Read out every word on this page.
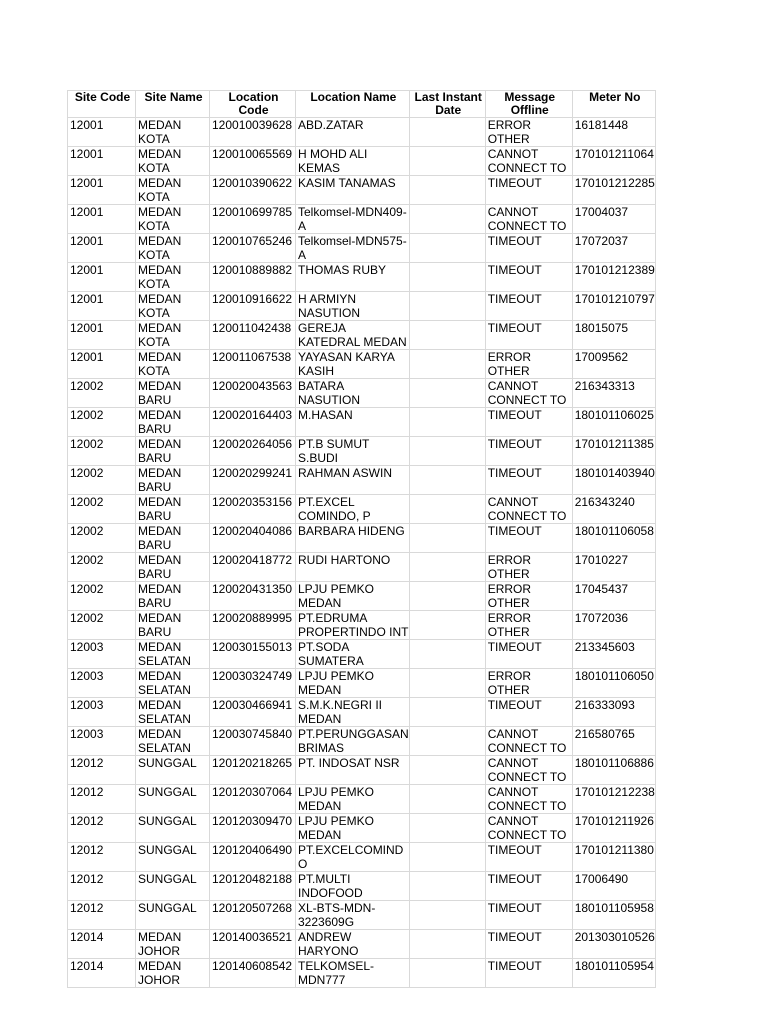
Site Code	Site Name	Location Code	Location Name	Last Instant Date	Message Offline	Meter No

12001	MEDAN KOTA	120010039628	ABD.ZATAR		ERROR OTHER	16181448

12001	MEDAN KOTA	120010065569	H MOHD ALI KEMAS		CANNOT CONNECT TO	170101211064

12001	MEDAN KOTA	120010390622	KASIM TANAMAS		TIMEOUT	170101212285

12001	MEDAN KOTA	120010699785	Telkomsel-MDN409-A		CANNOT CONNECT TO	17004037

12001	MEDAN KOTA	120010765246	Telkomsel-MDN575-A		TIMEOUT	17072037

12001	MEDAN KOTA	120010889882	THOMAS RUBY		TIMEOUT	170101212389

12001	MEDAN KOTA	120010916622	H ARMIYN NASUTION		TIMEOUT	170101210797

12001	MEDAN KOTA	120011042438	GEREJA KATEDRAL MEDAN		TIMEOUT	18015075

12001	MEDAN KOTA	120011067538	YAYASAN KARYA KASIH		ERROR OTHER	17009562

12002	MEDAN BARU	120020043563	BATARA NASUTION		CANNOT CONNECT TO	216343313

12002	MEDAN BARU	120020164403	M.HASAN		TIMEOUT	180101106025

12002	MEDAN BARU	120020264056	PT.B SUMUT S.BUDI		TIMEOUT	170101211385

12002	MEDAN BARU	120020299241	RAHMAN ASWIN		TIMEOUT	180101403940

12002	MEDAN BARU	120020353156	PT.EXCEL COMINDO, P		CANNOT CONNECT TO	216343240

12002	MEDAN BARU	120020404086	BARBARA HIDENG		TIMEOUT	180101106058

12002	MEDAN BARU	120020418772	RUDI HARTONO		ERROR OTHER	17010227

12002	MEDAN BARU	120020431350	LPJU PEMKO MEDAN		ERROR OTHER	17045437

12002	MEDAN BARU	120020889995	PT.EDRUMA PROPERTINDO INT		ERROR OTHER	17072036

12003	MEDAN SELATAN	120030155013	PT.SODA SUMATERA		TIMEOUT	213345603

12003	MEDAN SELATAN	120030324749	LPJU PEMKO MEDAN		ERROR OTHER	180101106050

12003	MEDAN SELATAN	120030466941	S.M.K.NEGRI II MEDAN		TIMEOUT	216333093

12003	MEDAN SELATAN	120030745840	PT.PERUNGGASAN BRIMAS		CANNOT CONNECT TO	216580765

12012	SUNGGAL	120120218265	PT. INDOSAT NSR		CANNOT CONNECT TO	180101106886

12012	SUNGGAL	120120307064	LPJU PEMKO MEDAN		CANNOT CONNECT TO	170101212238

12012	SUNGGAL	120120309470	LPJU PEMKO MEDAN		CANNOT CONNECT TO	170101211926

12012	SUNGGAL	120120406490	PT.EXCELCOMIND O		TIMEOUT	170101211380

12012	SUNGGAL	120120482188	PT.MULTI INDOFOOD		TIMEOUT	17006490

12012	SUNGGAL	120120507268	XL-BTS-MDN-3223609G		TIMEOUT	180101105958

12014	MEDAN JOHOR	120140036521	ANDREW HARYONO		TIMEOUT	201303010526

12014	MEDAN JOHOR	120140608542	TELKOMSEL-MDN777		TIMEOUT	180101105954
